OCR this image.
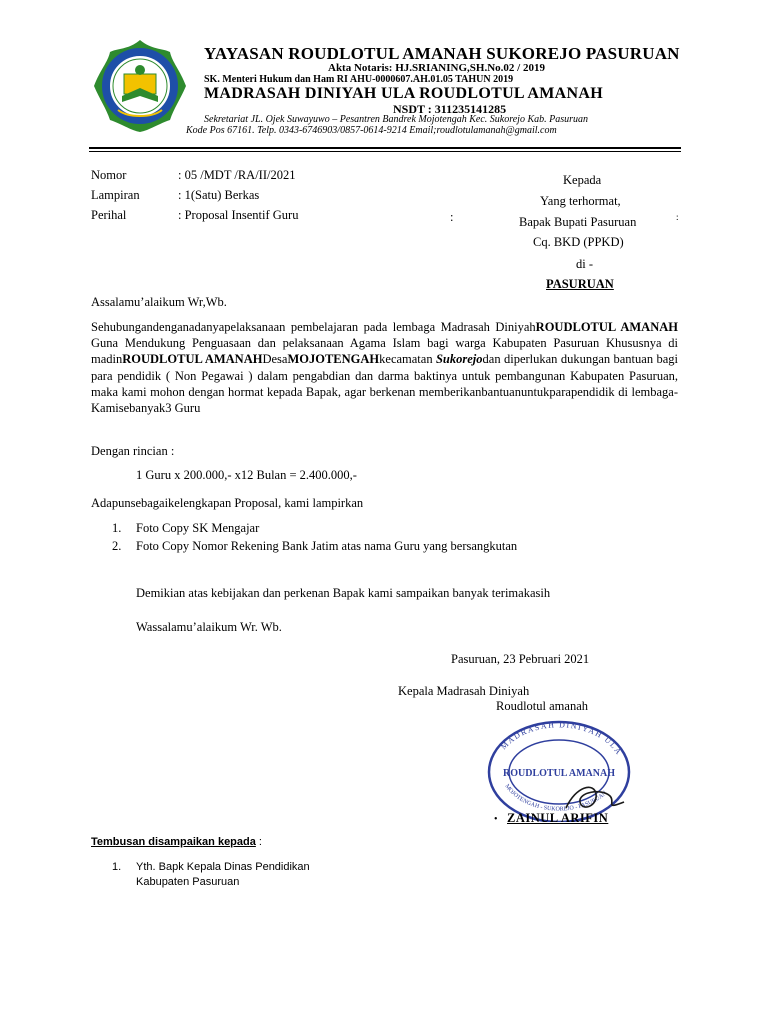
YAYASAN ROUDLOTUL AMANAH SUKOREJO PASURUAN
Akta Notaris: HJ.SRIANING,SH.No.02 / 2019
SK. Menteri Hukum dan Ham RI AHU-0000607.AH.01.05 TAHUN 2019
MADRASAH DINIYAH ULA ROUDLOTUL AMANAH
NSDT : 311235141285
Sekretariat JL. Ojek Suwayuwo – Pesantren Bandrek Mojotengah Kec. Sukorejo Kab. Pasuruan
Kode Pos 67161. Telp. 0343-6746903/0857-0614-9214 Email;roudlotulamanah@gmail.com
Nomor	: 05 /MDT /RA/II/2021
Lampiran	: 1(Satu) Berkas
Perihal	: Proposal Insentif Guru	:
Kepada
Yang terhormat,
Bapak Bupati Pasuruan	:
Cq. BKD (PPKD)
di -
PASURUAN
Assalamu’alaikum Wr,Wb.
Sehubungandenganadanyapelaksanaan pembelajaran pada lembaga Madrasah DiniyahROUDLOTUL AMANAH Guna Mendukung Penguasaan dan pelaksanaan Agama Islam bagi warga Kabupaten Pasuruan Khususnya di madinROUDLOTUL AMANAHDesaMOJOTENGAHkecamatan Sukorejodan diperlukan dukungan bantuan bagi para pendidik ( Non Pegawai ) dalam pengabdian dan darma baktinya untuk pembangunan Kabupaten Pasuruan, maka kami mohon dengan hormat kepada Bapak, agar berkenan memberikanbantuanuntukparapendidik di lembaga-Kamisebanyak3 Guru
Dengan rincian :
1 Guru x 200.000,- x12 Bulan = 2.400.000,-
Adapunsebagaikelengkapan Proposal, kami lampirkan
1. Foto Copy SK Mengajar
2. Foto Copy Nomor Rekening Bank Jatim atas nama Guru yang bersangkutan
Demikian atas kebijakan dan perkenan Bapak kami sampaikan banyak terimakasih
Wassalamu’alaikum Wr. Wb.
Pasuruan, 23 Pebruari 2021
Kepala Madrasah Diniyah
Roudlotul amanah
MADRASAH DINIYAH ULA
MOJOTENGAH - SUKOREJO - PASURUAN
ROUDLOTUL AMANAH
ZAINUL ARIFIN
•
Tembusan disampaikan kepada :
1. Yth. Bapk Kepala Dinas Pendidikan
Kabupaten Pasuruan
